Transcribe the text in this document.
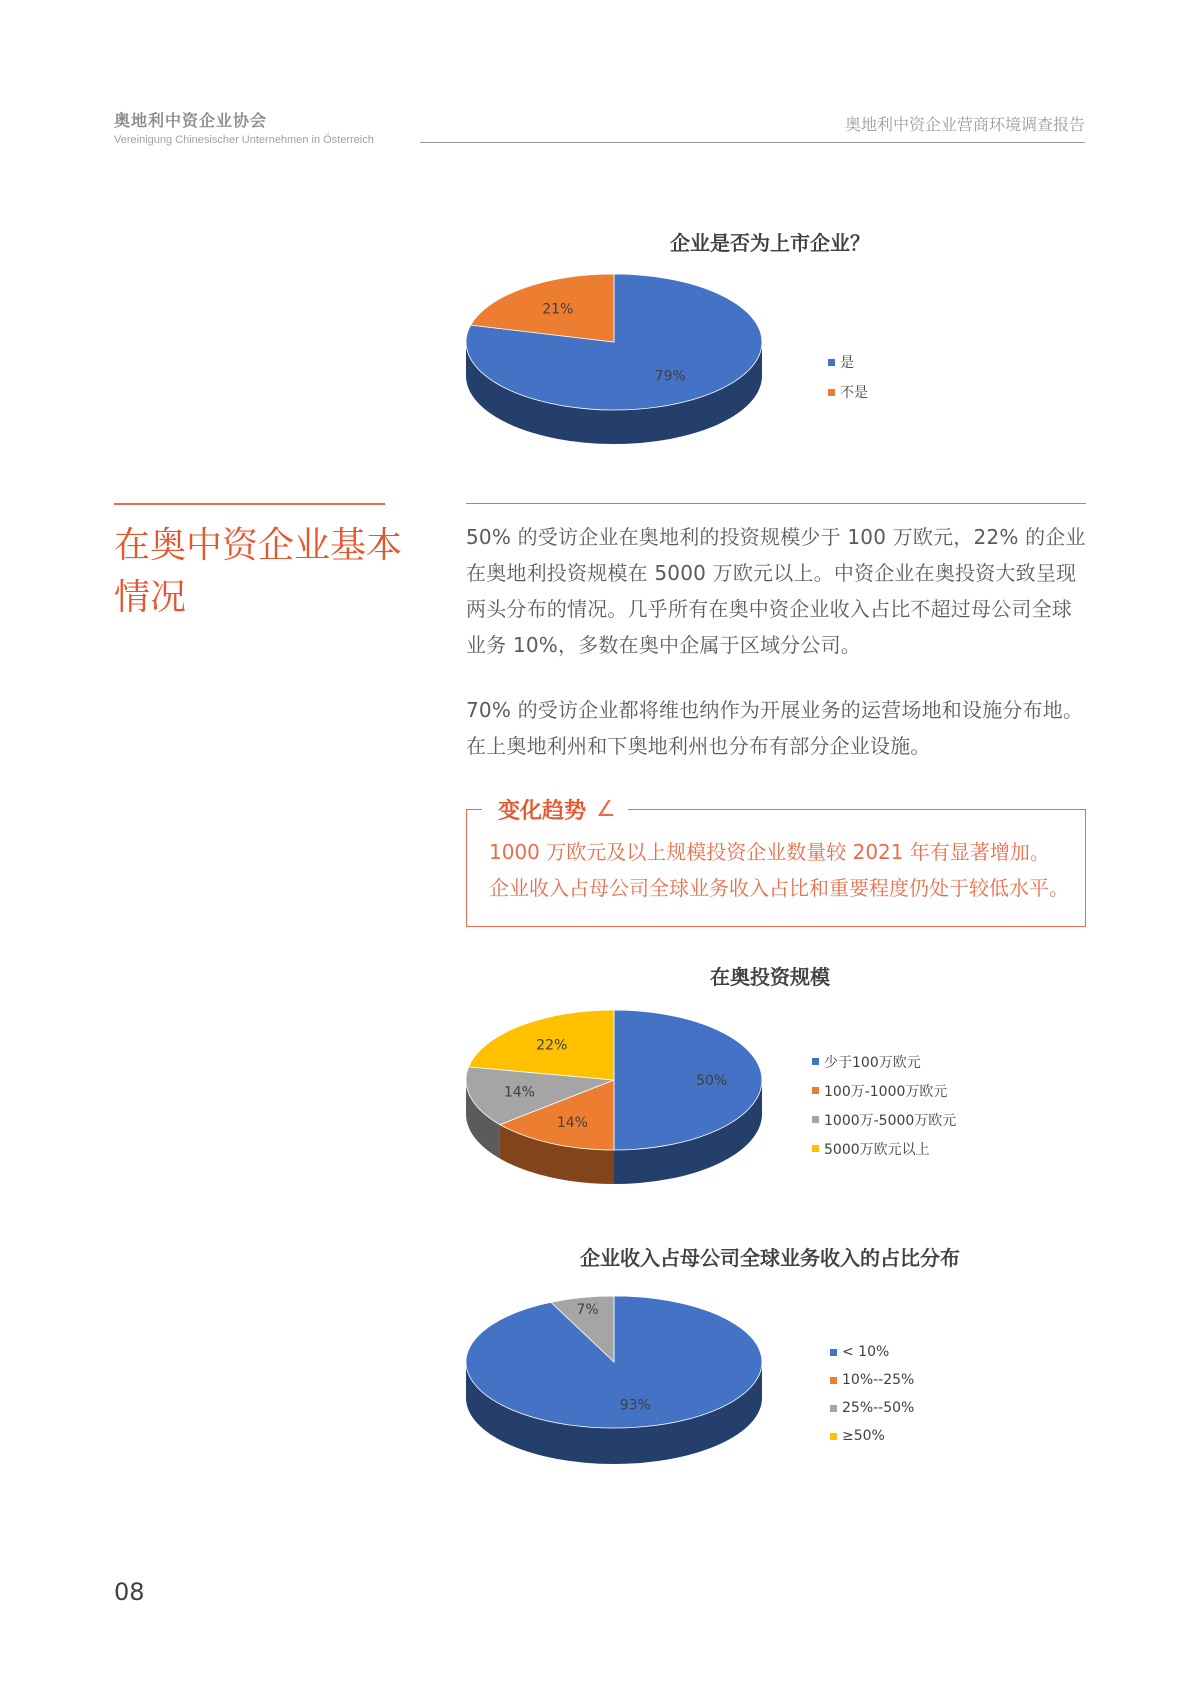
奥地利中资企业协会
Vereinigung Chinesischer Unternehmen in Österreich
奥地利中资企业营商环境调查报告
企业是否为上市企业？
79%
21%
是
不是
在奥中资企业基本情况
50% 的受访企业在奥地利的投资规模少于 100 万欧元，22% 的企业在奥地利投资规模在 5000 万欧元以上。中资企业在奥投资大致呈现两头分布的情况。几乎所有在奥中资企业收入占比不超过母公司全球业务 10%，多数在奥中企属于区域分公司。
70% 的受访企业都将维也纳作为开展业务的运营场地和设施分布地。在上奥地利州和下奥地利州也分布有部分企业设施。
变化趋势 ∠
1000 万欧元及以上规模投资企业数量较 2021 年有显著增加。企业收入占母公司全球业务收入占比和重要程度仍处于较低水平。
在奥投资规模
50%
14%
14%
22%
少于100万欧元
100万-1000万欧元
1000万-5000万欧元
5000万欧元以上
企业收入占母公司全球业务收入的占比分布
93%
7%
< 10%
10%--25%
25%--50%
≥50%
08
